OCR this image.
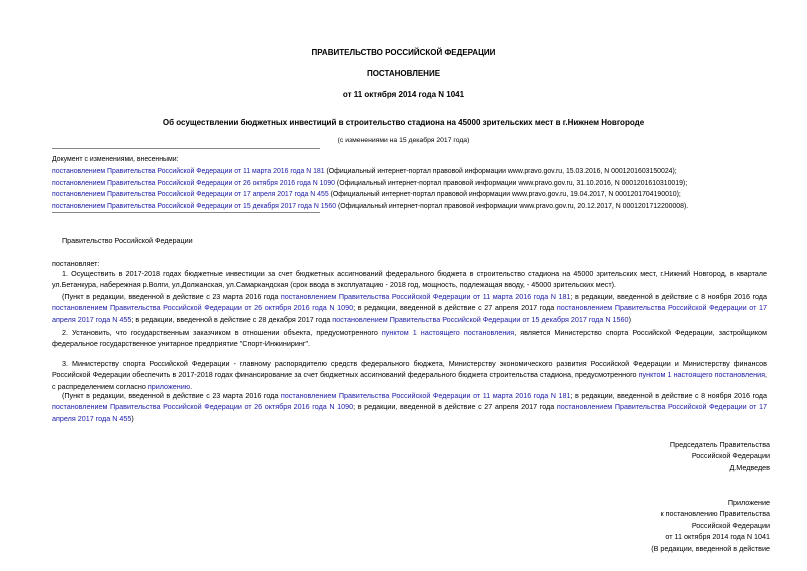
ПРАВИТЕЛЬСТВО РОССИЙСКОЙ ФЕДЕРАЦИИ
ПОСТАНОВЛЕНИЕ
от 11 октября 2014 года N 1041
Об осуществлении бюджетных инвестиций в строительство стадиона на 45000 зрительских мест в г.Нижнем Новгороде
(с изменениями на 15 декабря 2017 года)
Документ с изменениями, внесенными:
постановлением Правительства Российской Федерации от 11 марта 2016 года N 181 (Официальный интернет-портал правовой информации www.pravo.gov.ru, 15.03.2016, N 0001201603150024);
постановлением Правительства Российской Федерации от 26 октября 2016 года N 1090 (Официальный интернет-портал правовой информации www.pravo.gov.ru, 31.10.2016, N 0001201610310019);
постановлением Правительства Российской Федерации от 17 апреля 2017 года N 455 (Официальный интернет-портал правовой информации www.pravo.gov.ru, 19.04.2017, N 0001201704190010);
постановлением Правительства Российской Федерации от 15 декабря 2017 года N 1560 (Официальный интернет-портал правовой информации www.pravo.gov.ru, 20.12.2017, N 0001201712200008).
Правительство Российской Федерации
постановляет:
1. Осуществить в 2017-2018 годах бюджетные инвестиции за счет бюджетных ассигнований федерального бюджета в строительство стадиона на 45000 зрительских мест, г.Нижний Новгород, в квартале ул.Бетанкура, набережная р.Волги, ул.Должанская, ул.Самаркандская (срок ввода в эксплуатацию - 2018 год, мощность, подлежащая вводу, - 45000 зрительских мест).
(Пункт в редакции, введенной в действие с 23 марта 2016 года постановлением Правительства Российской Федерации от 11 марта 2016 года N 181; в редакции, введенной в действие с 8 ноября 2016 года постановлением Правительства Российской Федерации от 26 октября 2016 года N 1090; в редакции, введенной в действие с 27 апреля 2017 года постановлением Правительства Российской Федерации от 17 апреля 2017 года N 455; в редакции, введенной в действие с 28 декабря 2017 года постановлением Правительства Российской Федерации от 15 декабря 2017 года N 1560)
2. Установить, что государственным заказчиком в отношении объекта, предусмотренного пунктом 1 настоящего постановления, является Министерство спорта Российской Федерации, застройщиком федеральное государственное унитарное предприятие "Спорт-Инжиниринг".
3. Министерству спорта Российской Федерации - главному распорядителю средств федерального бюджета, Министерству экономического развития Российской Федерации и Министерству финансов Российской Федерации обеспечить в 2017-2018 годах финансирование за счет бюджетных ассигнований федерального бюджета строительства стадиона, предусмотренного пунктом 1 настоящего постановления, с распределением согласно приложению.
(Пункт в редакции, введенной в действие с 23 марта 2016 года постановлением Правительства Российской Федерации от 11 марта 2016 года N 181; в редакции, введенной в действие с 8 ноября 2016 года постановлением Правительства Российской Федерации от 26 октября 2016 года N 1090; в редакции, введенной в действие с 27 апреля 2017 года постановлением Правительства Российской Федерации от 17 апреля 2017 года N 455)
Председатель Правительства
Российской Федерации
Д.Медведев
Приложение
к постановлению Правительства
Российской Федерации
от 11 октября 2014 года N 1041
(В редакции, введенной в действие
